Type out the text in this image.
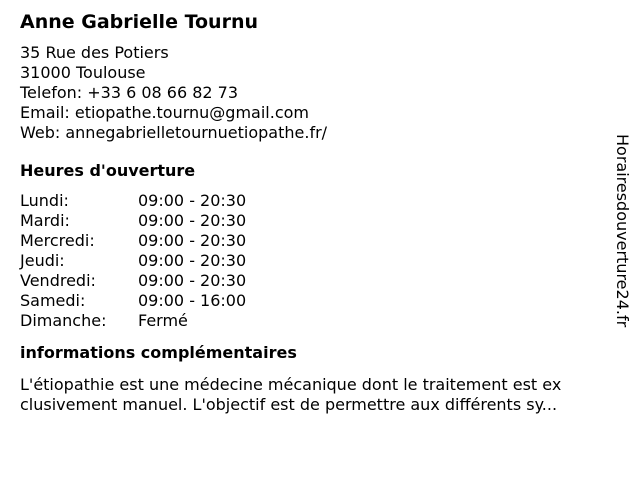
Anne Gabrielle Tournu
35 Rue des Potiers
31000 Toulouse
Telefon: +33 6 08 66 82 73
Email: etiopathe.tournu@gmail.com
Web: annegabrielletournuetiopathe.fr/
Heures d'ouverture
Lundi:	09:00 - 20:30
Mardi:	09:00 - 20:30
Mercredi:	09:00 - 20:30
Jeudi:	09:00 - 20:30
Vendredi:	09:00 - 20:30
Samedi:	09:00 - 16:00
Dimanche:	Fermé
informations complémentaires
L'étiopathie est une médecine mécanique dont le traitement est ex
clusivement manuel. L'objectif est de permettre aux différents sy...
Horairesdouverture24.fr
